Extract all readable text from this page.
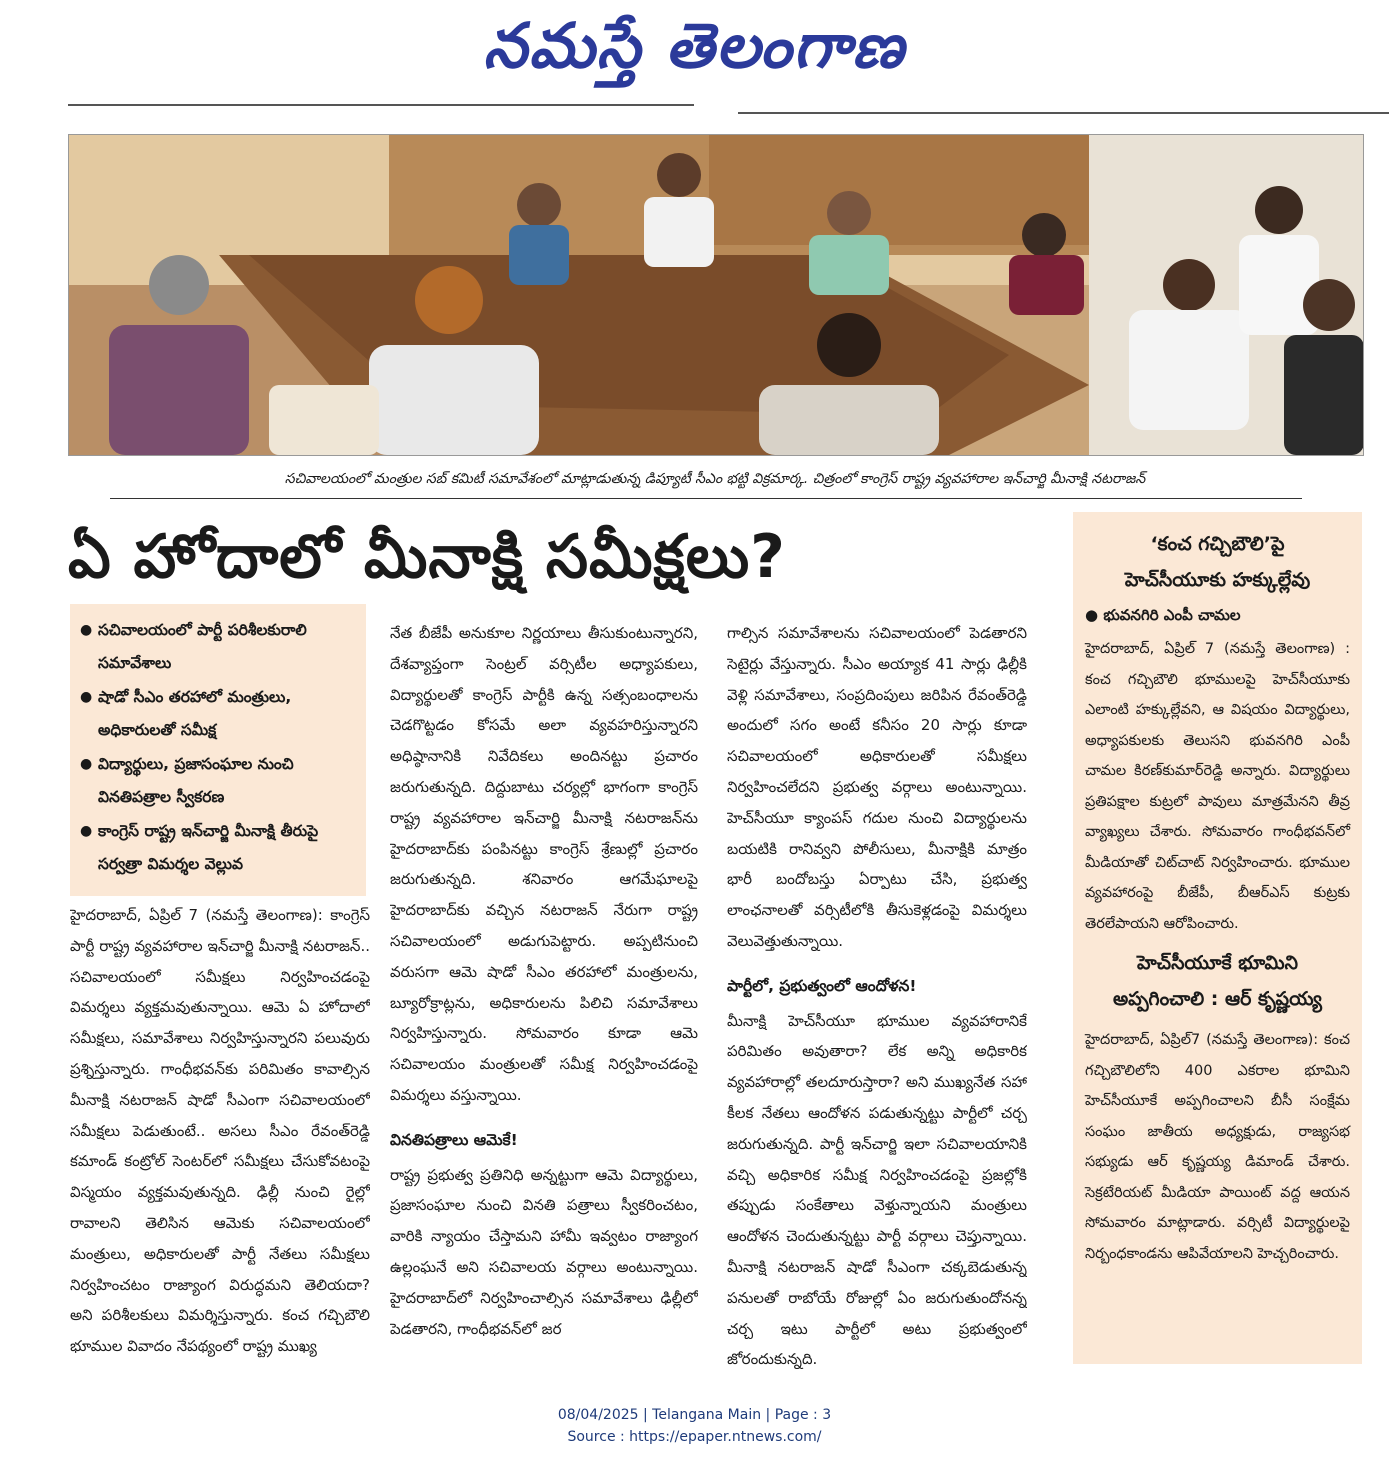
నమస్తే తెలంగాణ
సచివాలయంలో మంత్రుల సబ్ కమిటీ సమావేశంలో మాట్లాడుతున్న డిప్యూటీ సీఎం భట్టి విక్రమార్క. చిత్రంలో కాంగ్రెస్ రాష్ట్ర వ్యవహారాల ఇన్‌చార్జి మీనాక్షి నటరాజన్
ఏ హోదాలో మీనాక్షి సమీక్షలు?
● సచివాలయంలో పార్టీ పరిశీలకురాలి సమావేశాలు
● షాడో సీఎం తరహాలో మంత్రులు, అధికారులతో సమీక్ష
● విద్యార్థులు, ప్రజాసంఘాల నుంచి వినతిపత్రాల స్వీకరణ
● కాంగ్రెస్ రాష్ట్ర ఇన్‌చార్జి మీనాక్షి తీరుపై సర్వత్రా విమర్శల వెల్లువ

హైదరాబాద్, ఏప్రిల్ 7 (నమస్తే తెలంగాణ): కాంగ్రెస్ పార్టీ రాష్ట్ర వ్యవహారాల ఇన్‌చార్జి మీనాక్షి నటరాజన్.. సచివాలయంలో సమీక్షలు నిర్వహించడంపై విమర్శలు వ్యక్తమవుతున్నాయి. ఆమె ఏ హోదాలో సమీక్షలు, సమావేశాలు నిర్వహిస్తున్నారని పలువురు ప్రశ్నిస్తున్నారు. గాంధీభవన్‌కు పరిమితం కావాల్సిన మీనాక్షి నటరాజన్ షాడో సీఎంగా సచివాలయంలో సమీక్షలు పెడుతుంటే.. అసలు సీఎం రేవంత్‌రెడ్డి కమాండ్ కంట్రోల్ సెంటర్‌లో సమీక్షలు చేసుకోవటంపై విస్మయం వ్యక్తమవుతున్నది. ఢిల్లీ నుంచి రైల్లో రావాలని తెలిసిన ఆమెకు సచివాలయంలో మంత్రులు, అధికారులతో పార్టీ నేతలు సమీక్షలు నిర్వహించటం రాజ్యాంగ విరుద్ధమని తెలియదా? అని పరిశీలకులు విమర్శిస్తున్నారు. కంచ గచ్చిబౌలి భూముల వివాదం నేపథ్యంలో రాష్ట్ర ముఖ్య

నేత బీజేపీ అనుకూల నిర్ణయాలు తీసుకుంటున్నారని, దేశవ్యాప్తంగా సెంట్రల్ వర్సిటీల అధ్యాపకులు, విద్యార్థులతో కాంగ్రెస్ పార్టీకి ఉన్న సత్సంబంధాలను చెడగొట్టడం కోసమే అలా వ్యవహరిస్తున్నారని అధిష్ఠానానికి నివేదికలు అందినట్టు ప్రచారం జరుగుతున్నది. దిద్దుబాటు చర్యల్లో భాగంగా కాంగ్రెస్ రాష్ట్ర వ్యవహారాల ఇన్‌చార్జి మీనాక్షి నటరాజన్‌ను హైదరాబాద్‌కు పంపినట్టు కాంగ్రెస్ శ్రేణుల్లో ప్రచారం జరుగుతున్నది. శనివారం ఆగమేఘాలపై హైదరాబాద్‌కు వచ్చిన నటరాజన్ నేరుగా రాష్ట్ర సచివాలయంలో అడుగుపెట్టారు. అప్పటినుంచి వరుసగా ఆమె షాడో సీఎం తరహాలో మంత్రులను, బ్యూరోక్రాట్లను, అధికారులను పిలిచి సమావేశాలు నిర్వహిస్తున్నారు. సోమవారం కూడా ఆమె సచివాలయం మంత్రులతో సమీక్ష నిర్వహించడంపై విమర్శలు వస్తున్నాయి.

వినతిపత్రాలు ఆమెకే!

రాష్ట్ర ప్రభుత్వ ప్రతినిధి అన్నట్టుగా ఆమె విద్యార్థులు, ప్రజాసంఘాల నుంచి వినతి పత్రాలు స్వీకరించటం, వారికి న్యాయం చేస్తామని హామీ ఇవ్వటం రాజ్యాంగ ఉల్లంఘనే అని సచివాలయ వర్గాలు అంటున్నాయి. హైదరాబాద్‌లో నిర్వహించాల్సిన సమావేశాలు ఢిల్లీలో పెడతారని, గాంధీభవన్‌లో జర

గాల్సిన సమావేశాలను సచివాలయంలో పెడతారని సెటైర్లు వేస్తున్నారు. సీఎం అయ్యాక 41 సార్లు ఢిల్లీకి వెళ్లి సమావేశాలు, సంప్రదింపులు జరిపిన రేవంత్‌రెడ్డి అందులో సగం అంటే కనీసం 20 సార్లు కూడా సచివాలయంలో అధికారులతో సమీక్షలు నిర్వహించలేదని ప్రభుత్వ వర్గాలు అంటున్నాయి. హెచ్‌సీయూ క్యాంపస్ గదుల నుంచి విద్యార్థులను బయటికి రానివ్వని పోలీసులు, మీనాక్షికి మాత్రం భారీ బందోబస్తు ఏర్పాటు చేసి, ప్రభుత్వ లాంఛనాలతో వర్సిటీలోకి తీసుకెళ్లడంపై విమర్శలు వెలువెత్తుతున్నాయి.

పార్టీలో, ప్రభుత్వంలో ఆందోళన!

మీనాక్షి హెచ్‌సీయూ భూముల వ్యవహారానికే పరిమితం అవుతారా? లేక అన్ని అధికారిక వ్యవహారాల్లో తలదూరుస్తారా? అని ముఖ్యనేత సహా కీలక నేతలు ఆందోళన పడుతున్నట్టు పార్టీలో చర్చ జరుగుతున్నది. పార్టీ ఇన్‌చార్జి ఇలా సచివాలయానికి వచ్చి అధికారిక సమీక్ష నిర్వహించడంపై ప్రజల్లోకి తప్పుడు సంకేతాలు వెళ్తున్నాయని మంత్రులు ఆందోళన చెందుతున్నట్టు పార్టీ వర్గాలు చెప్తున్నాయి. మీనాక్షి నటరాజన్ షాడో సీఎంగా చక్కబెడుతున్న పనులతో రాబోయే రోజుల్లో ఏం జరుగుతుందోనన్న చర్చ ఇటు పార్టీలో అటు ప్రభుత్వంలో జోరందుకున్నది.

‘కంచ గచ్చిబౌలి’పై
హెచ్‌సీయూకు హక్కుల్లేవు
● భువనగిరి ఎంపీ చామల
హైదరాబాద్, ఏప్రిల్ 7 (నమస్తే తెలంగాణ) : కంచ గచ్చిబౌలి భూములపై హెచ్‌సీయూకు ఎలాంటి హక్కుల్లేవని, ఆ విషయం విద్యార్థులు, అధ్యాపకులకు తెలుసని భువనగిరి ఎంపీ చామల కిరణ్‌కుమార్‌రెడ్డి అన్నారు. విద్యార్థులు ప్రతిపక్షాల కుట్రలో పావులు మాత్రమేనని తీవ్ర వ్యాఖ్యలు చేశారు. సోమవారం గాంధీభవన్‌లో మీడియాతో చిట్‌చాట్ నిర్వహించారు. భూముల వ్యవహారంపై బీజేపీ, బీఆర్‌ఎస్ కుట్రకు తెరలేపాయని ఆరోపించారు.
హెచ్‌సీయూకే భూమిని
అప్పగించాలి : ఆర్ కృష్ణయ్య
హైదరాబాద్, ఏప్రిల్7 (నమస్తే తెలంగాణ): కంచ గచ్చిబౌలిలోని 400 ఎకరాల భూమిని హెచ్‌సీయూకే అప్పగించాలని బీసీ సంక్షేమ సంఘం జాతీయ అధ్యక్షుడు, రాజ్యసభ సభ్యుడు ఆర్ కృష్ణయ్య డిమాండ్ చేశారు. సెక్రటేరియట్ మీడియా పాయింట్ వద్ద ఆయన సోమవారం మాట్లాడారు. వర్సిటీ విద్యార్థులపై నిర్బంధకాండను ఆపివేయాలని హెచ్చరించారు.
08/04/2025 | Telangana Main | Page : 3
Source : https://epaper.ntnews.com/
